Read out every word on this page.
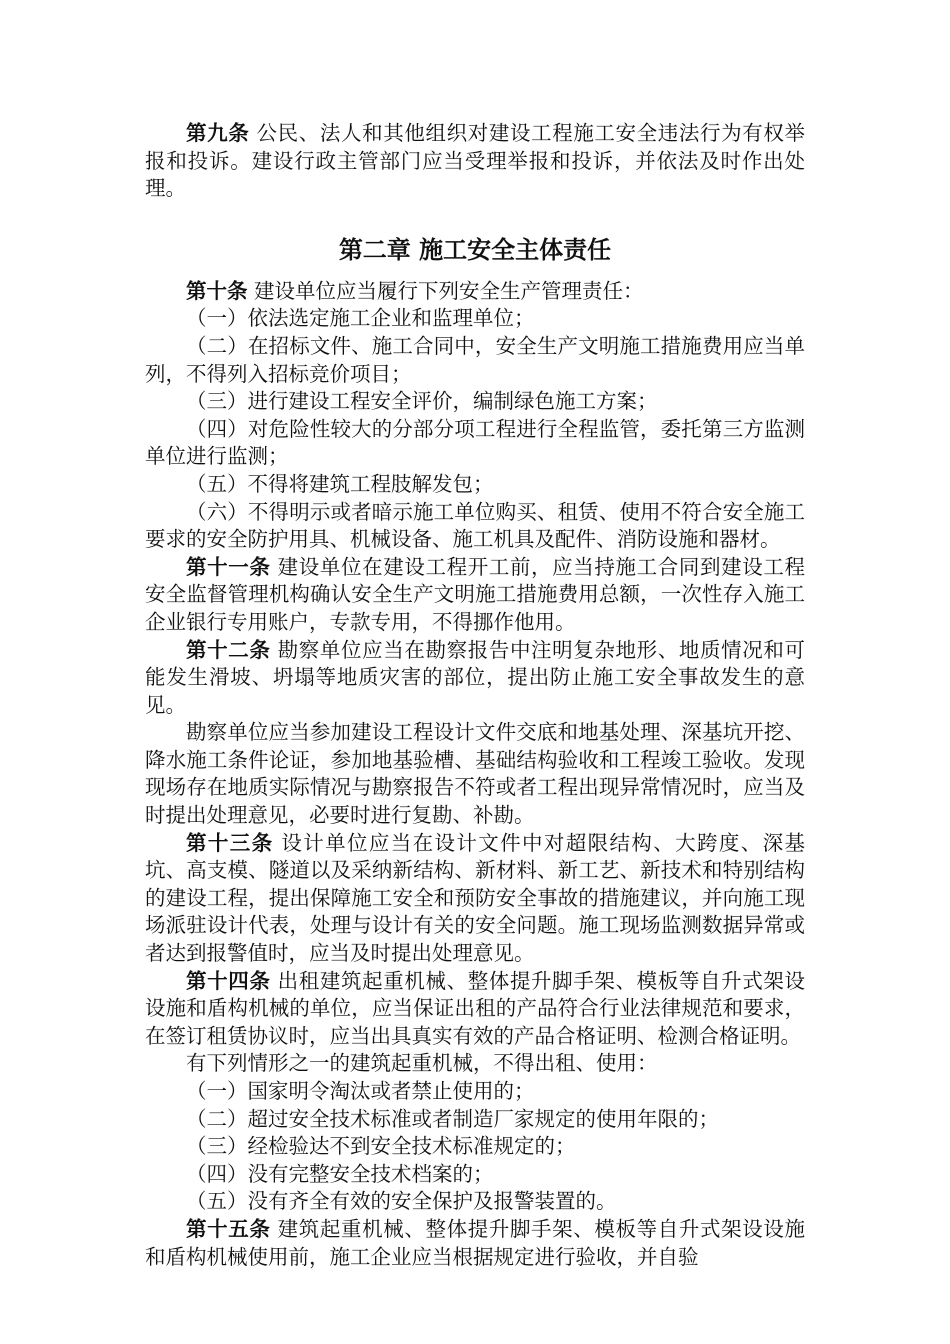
第九条 公民、法人和其他组织对建设工程施工安全违法行为有权举报和投诉。建设行政主管部门应当受理举报和投诉，并依法及时作出处理。

第二章 施工安全主体责任

第十条 建设单位应当履行下列安全生产管理责任：

（一）依法选定施工企业和监理单位；

（二）在招标文件、施工合同中，安全生产文明施工措施费用应当单列，不得列入招标竞价项目；

（三）进行建设工程安全评价，编制绿色施工方案；

（四）对危险性较大的分部分项工程进行全程监管，委托第三方监测单位进行监测；

（五）不得将建筑工程肢解发包；

（六）不得明示或者暗示施工单位购买、租赁、使用不符合安全施工要求的安全防护用具、机械设备、施工机具及配件、消防设施和器材。

第十一条 建设单位在建设工程开工前，应当持施工合同到建设工程安全监督管理机构确认安全生产文明施工措施费用总额，一次性存入施工企业银行专用账户，专款专用，不得挪作他用。

第十二条 勘察单位应当在勘察报告中注明复杂地形、地质情况和可能发生滑坡、坍塌等地质灾害的部位，提出防止施工安全事故发生的意见。

勘察单位应当参加建设工程设计文件交底和地基处理、深基坑开挖、降水施工条件论证，参加地基验槽、基础结构验收和工程竣工验收。发现现场存在地质实际情况与勘察报告不符或者工程出现异常情况时，应当及时提出处理意见，必要时进行复勘、补勘。

第十三条 设计单位应当在设计文件中对超限结构、大跨度、深基坑、高支模、隧道以及采纳新结构、新材料、新工艺、新技术和特别结构的建设工程，提出保障施工安全和预防安全事故的措施建议，并向施工现场派驻设计代表，处理与设计有关的安全问题。施工现场监测数据异常或者达到报警值时，应当及时提出处理意见。

第十四条 出租建筑起重机械、整体提升脚手架、模板等自升式架设设施和盾构机械的单位，应当保证出租的产品符合行业法律规范和要求，在签订租赁协议时，应当出具真实有效的产品合格证明、检测合格证明。

有下列情形之一的建筑起重机械，不得出租、使用：

（一）国家明令淘汰或者禁止使用的；

（二）超过安全技术标准或者制造厂家规定的使用年限的；

（三）经检验达不到安全技术标准规定的；

（四）没有完整安全技术档案的；

（五）没有齐全有效的安全保护及报警装置的。

第十五条 建筑起重机械、整体提升脚手架、模板等自升式架设设施和盾构机械使用前，施工企业应当根据规定进行验收，并自验
